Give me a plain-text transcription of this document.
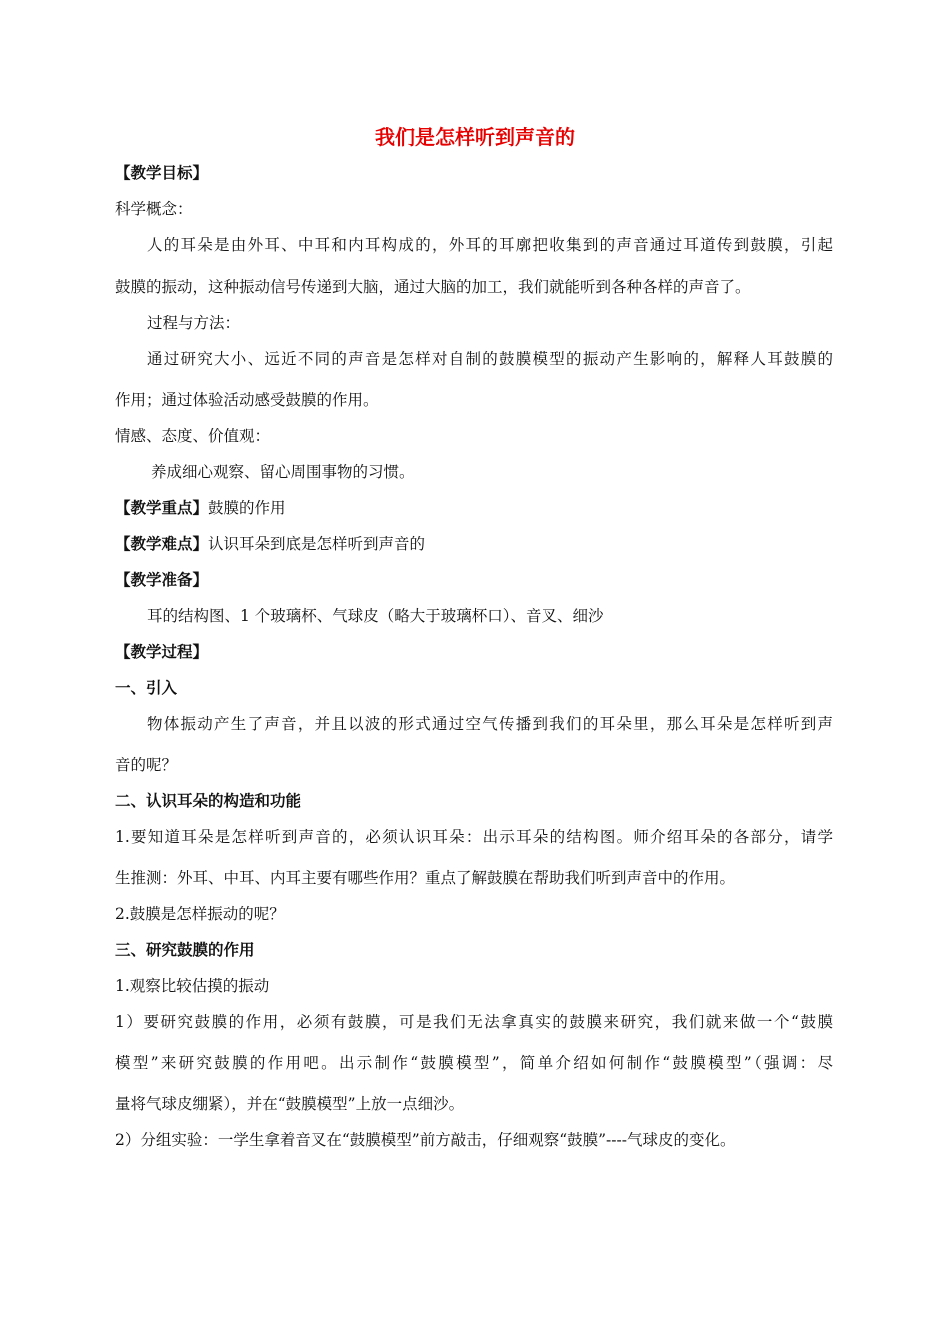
我们是怎样听到声音的
【教学目标】
科学概念：
人的耳朵是由外耳、中耳和内耳构成的，外耳的耳廓把收集到的声音通过耳道传到鼓膜，引起
鼓膜的振动，这种振动信号传递到大脑，通过大脑的加工，我们就能听到各种各样的声音了。
过程与方法：
通过研究大小、远近不同的声音是怎样对自制的鼓膜模型的振动产生影响的，解释人耳鼓膜的
作用；通过体验活动感受鼓膜的作用。
情感、态度、价值观：
养成细心观察、留心周围事物的习惯。
【教学重点】鼓膜的作用
【教学难点】认识耳朵到底是怎样听到声音的
【教学准备】
耳的结构图、1 个玻璃杯、气球皮（略大于玻璃杯口）、音叉、细沙
【教学过程】
一、引入
物体振动产生了声音，并且以波的形式通过空气传播到我们的耳朵里，那么耳朵是怎样听到声
音的呢？
二、认识耳朵的构造和功能
1.要知道耳朵是怎样听到声音的，必须认识耳朵：出示耳朵的结构图。师介绍耳朵的各部分，请学
生推测：外耳、中耳、内耳主要有哪些作用？重点了解鼓膜在帮助我们听到声音中的作用。
2.鼓膜是怎样振动的呢？
三、研究鼓膜的作用
1.观察比较估摸的振动
1）要研究鼓膜的作用，必须有鼓膜，可是我们无法拿真实的鼓膜来研究，我们就来做一个“鼓膜
模型”来研究鼓膜的作用吧。出示制作“鼓膜模型”，简单介绍如何制作“鼓膜模型”（强调：尽
量将气球皮绷紧），并在“鼓膜模型”上放一点细沙。
2）分组实验：一学生拿着音叉在“鼓膜模型”前方敲击，仔细观察“鼓膜”----气球皮的变化。
